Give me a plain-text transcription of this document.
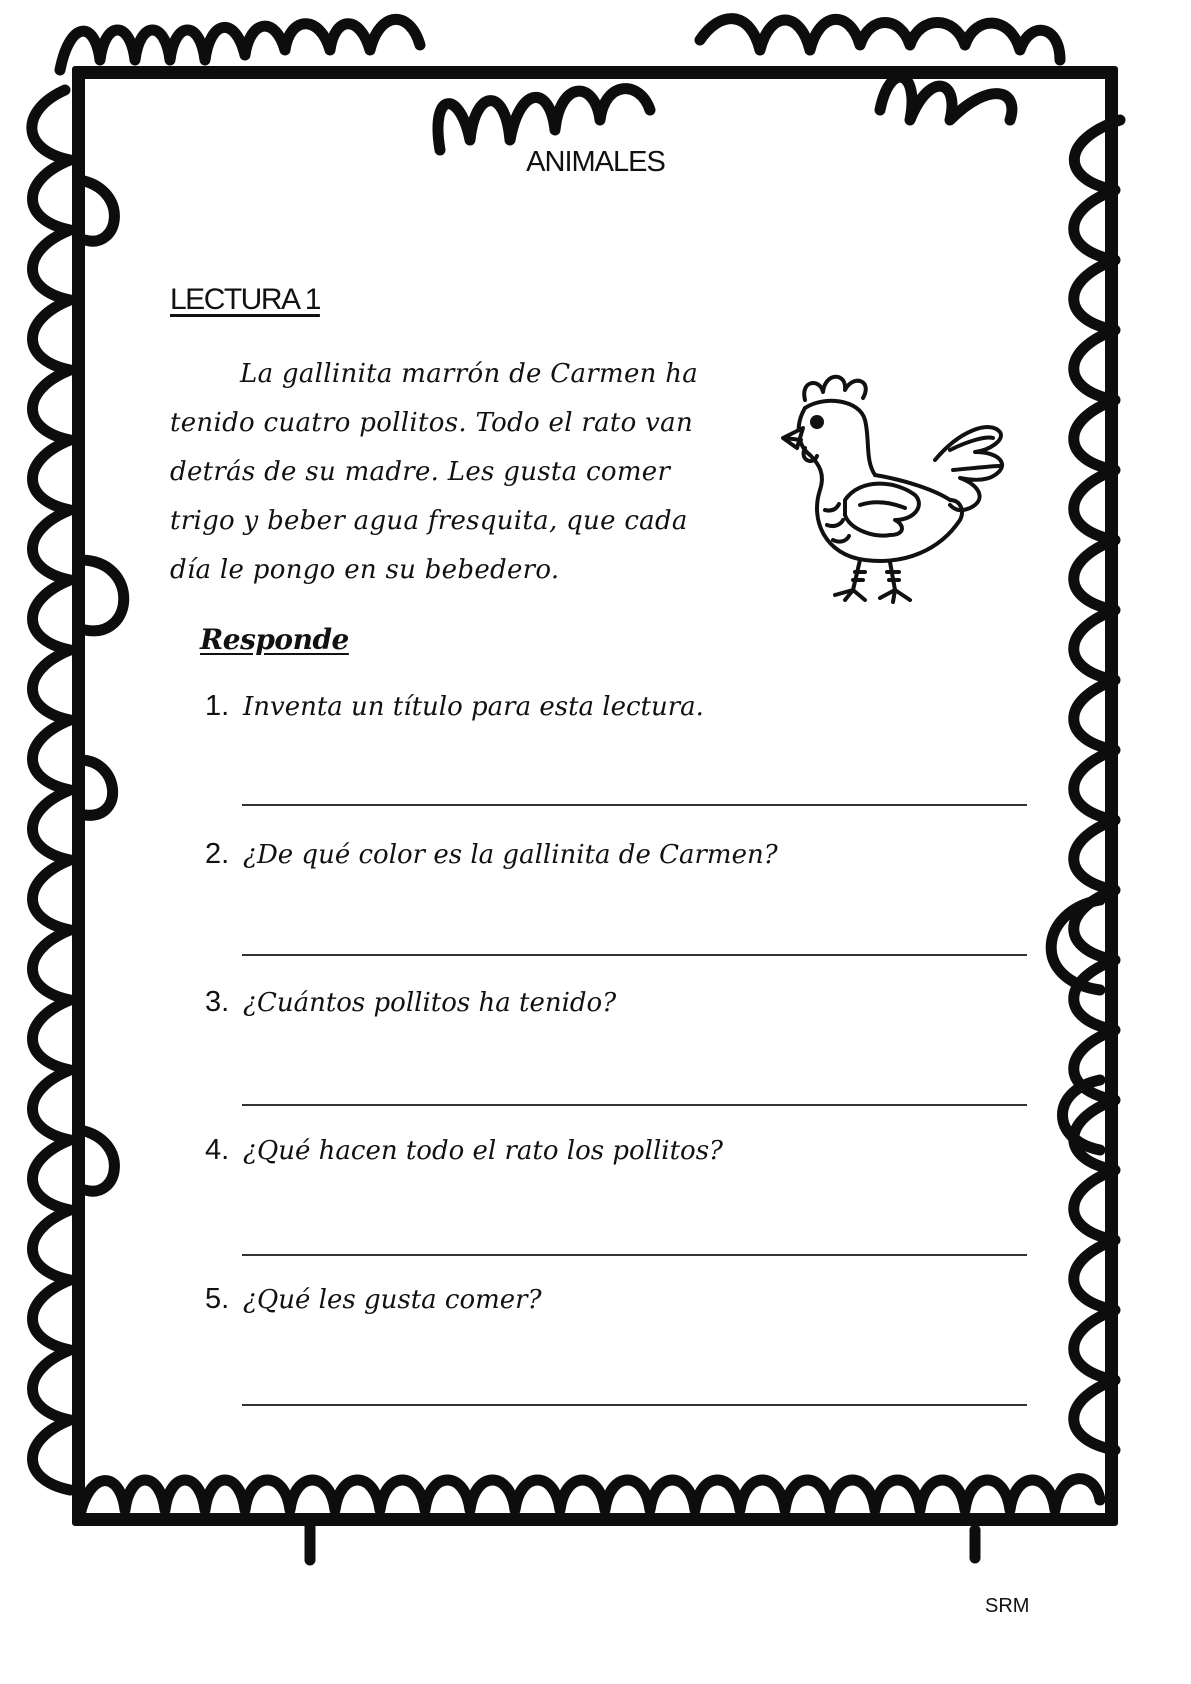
ANIMALES
LECTURA 1
La gallinita marrón de Carmen ha
tenido cuatro pollitos. Todo el rato van
detrás de su madre. Les gusta comer
trigo y beber agua fresquita, que cada
día le pongo en su bebedero.
Responde
1. Inventa un título para esta lectura.
2. ¿De qué color es la gallinita de Carmen?
3. ¿Cuántos pollitos ha tenido?
4. ¿Qué hacen todo el rato los pollitos?
5. ¿Qué les gusta comer?
SRM
